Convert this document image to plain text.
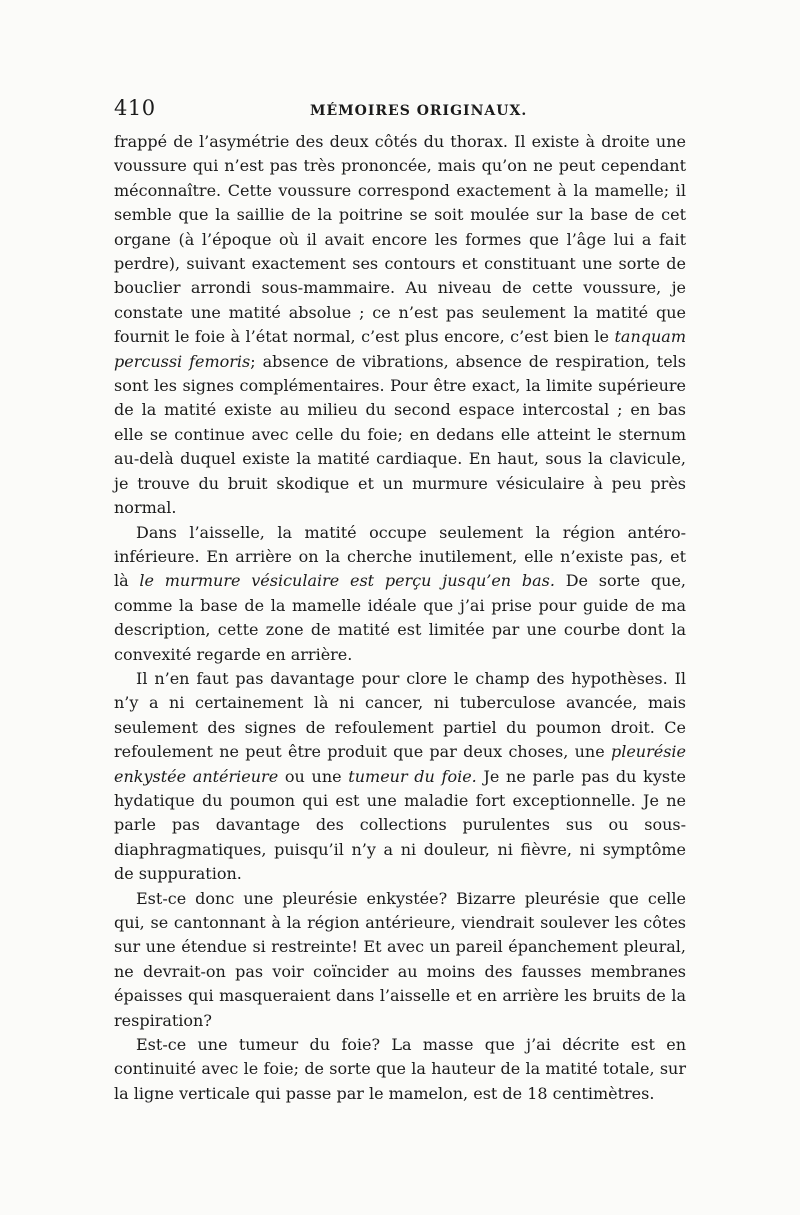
410	MÉMOIRES ORIGINAUX.

frappé de l’asymétrie des deux côtés du thorax. Il existe à droite une voussure qui n’est pas très prononcée, mais qu’on ne peut cependant méconnaître. Cette voussure correspond exactement à la mamelle; il semble que la saillie de la poitrine se soit moulée sur la base de cet organe (à l’époque où il avait encore les formes que l’âge lui a fait perdre), suivant exactement ses contours et constituant une sorte de bouclier arrondi sous-mammaire. Au niveau de cette voussure, je constate une matité absolue ; ce n’est pas seulement la matité que fournit le foie à l’état normal, c’est plus encore, c’est bien le tanquam percussi femoris; absence de vibrations, absence de respiration, tels sont les signes complémentaires. Pour être exact, la limite supérieure de la matité existe au milieu du second espace intercostal ; en bas elle se continue avec celle du foie; en dedans elle atteint le sternum au-delà duquel existe la matité cardiaque. En haut, sous la clavicule, je trouve du bruit skodique et un murmure vésiculaire à peu près normal.

Dans l’aisselle, la matité occupe seulement la région antéro-inférieure. En arrière on la cherche inutilement, elle n’existe pas, et là le murmure vésiculaire est perçu jusqu’en bas. De sorte que, comme la base de la mamelle idéale que j’ai prise pour guide de ma description, cette zone de matité est limitée par une courbe dont la convexité regarde en arrière.

Il n’en faut pas davantage pour clore le champ des hypothèses. Il n’y a ni certainement là ni cancer, ni tuberculose avancée, mais seulement des signes de refoulement partiel du poumon droit. Ce refoulement ne peut être produit que par deux choses, une pleurésie enkystée antérieure ou une tumeur du foie. Je ne parle pas du kyste hydatique du poumon qui est une maladie fort exceptionnelle. Je ne parle pas davantage des collections purulentes sus ou sous-diaphragmatiques, puisqu’il n’y a ni douleur, ni fièvre, ni symptôme de suppuration.

Est-ce donc une pleurésie enkystée? Bizarre pleurésie que celle qui, se cantonnant à la région antérieure, viendrait soulever les côtes sur une étendue si restreinte! Et avec un pareil épanchement pleural, ne devrait-on pas voir coïncider au moins des fausses membranes épaisses qui masqueraient dans l’aisselle et en arrière les bruits de la respiration?

Est-ce une tumeur du foie? La masse que j’ai décrite est en continuité avec le foie; de sorte que la hauteur de la matité totale, sur la ligne verticale qui passe par le mamelon, est de 18 centimètres.
